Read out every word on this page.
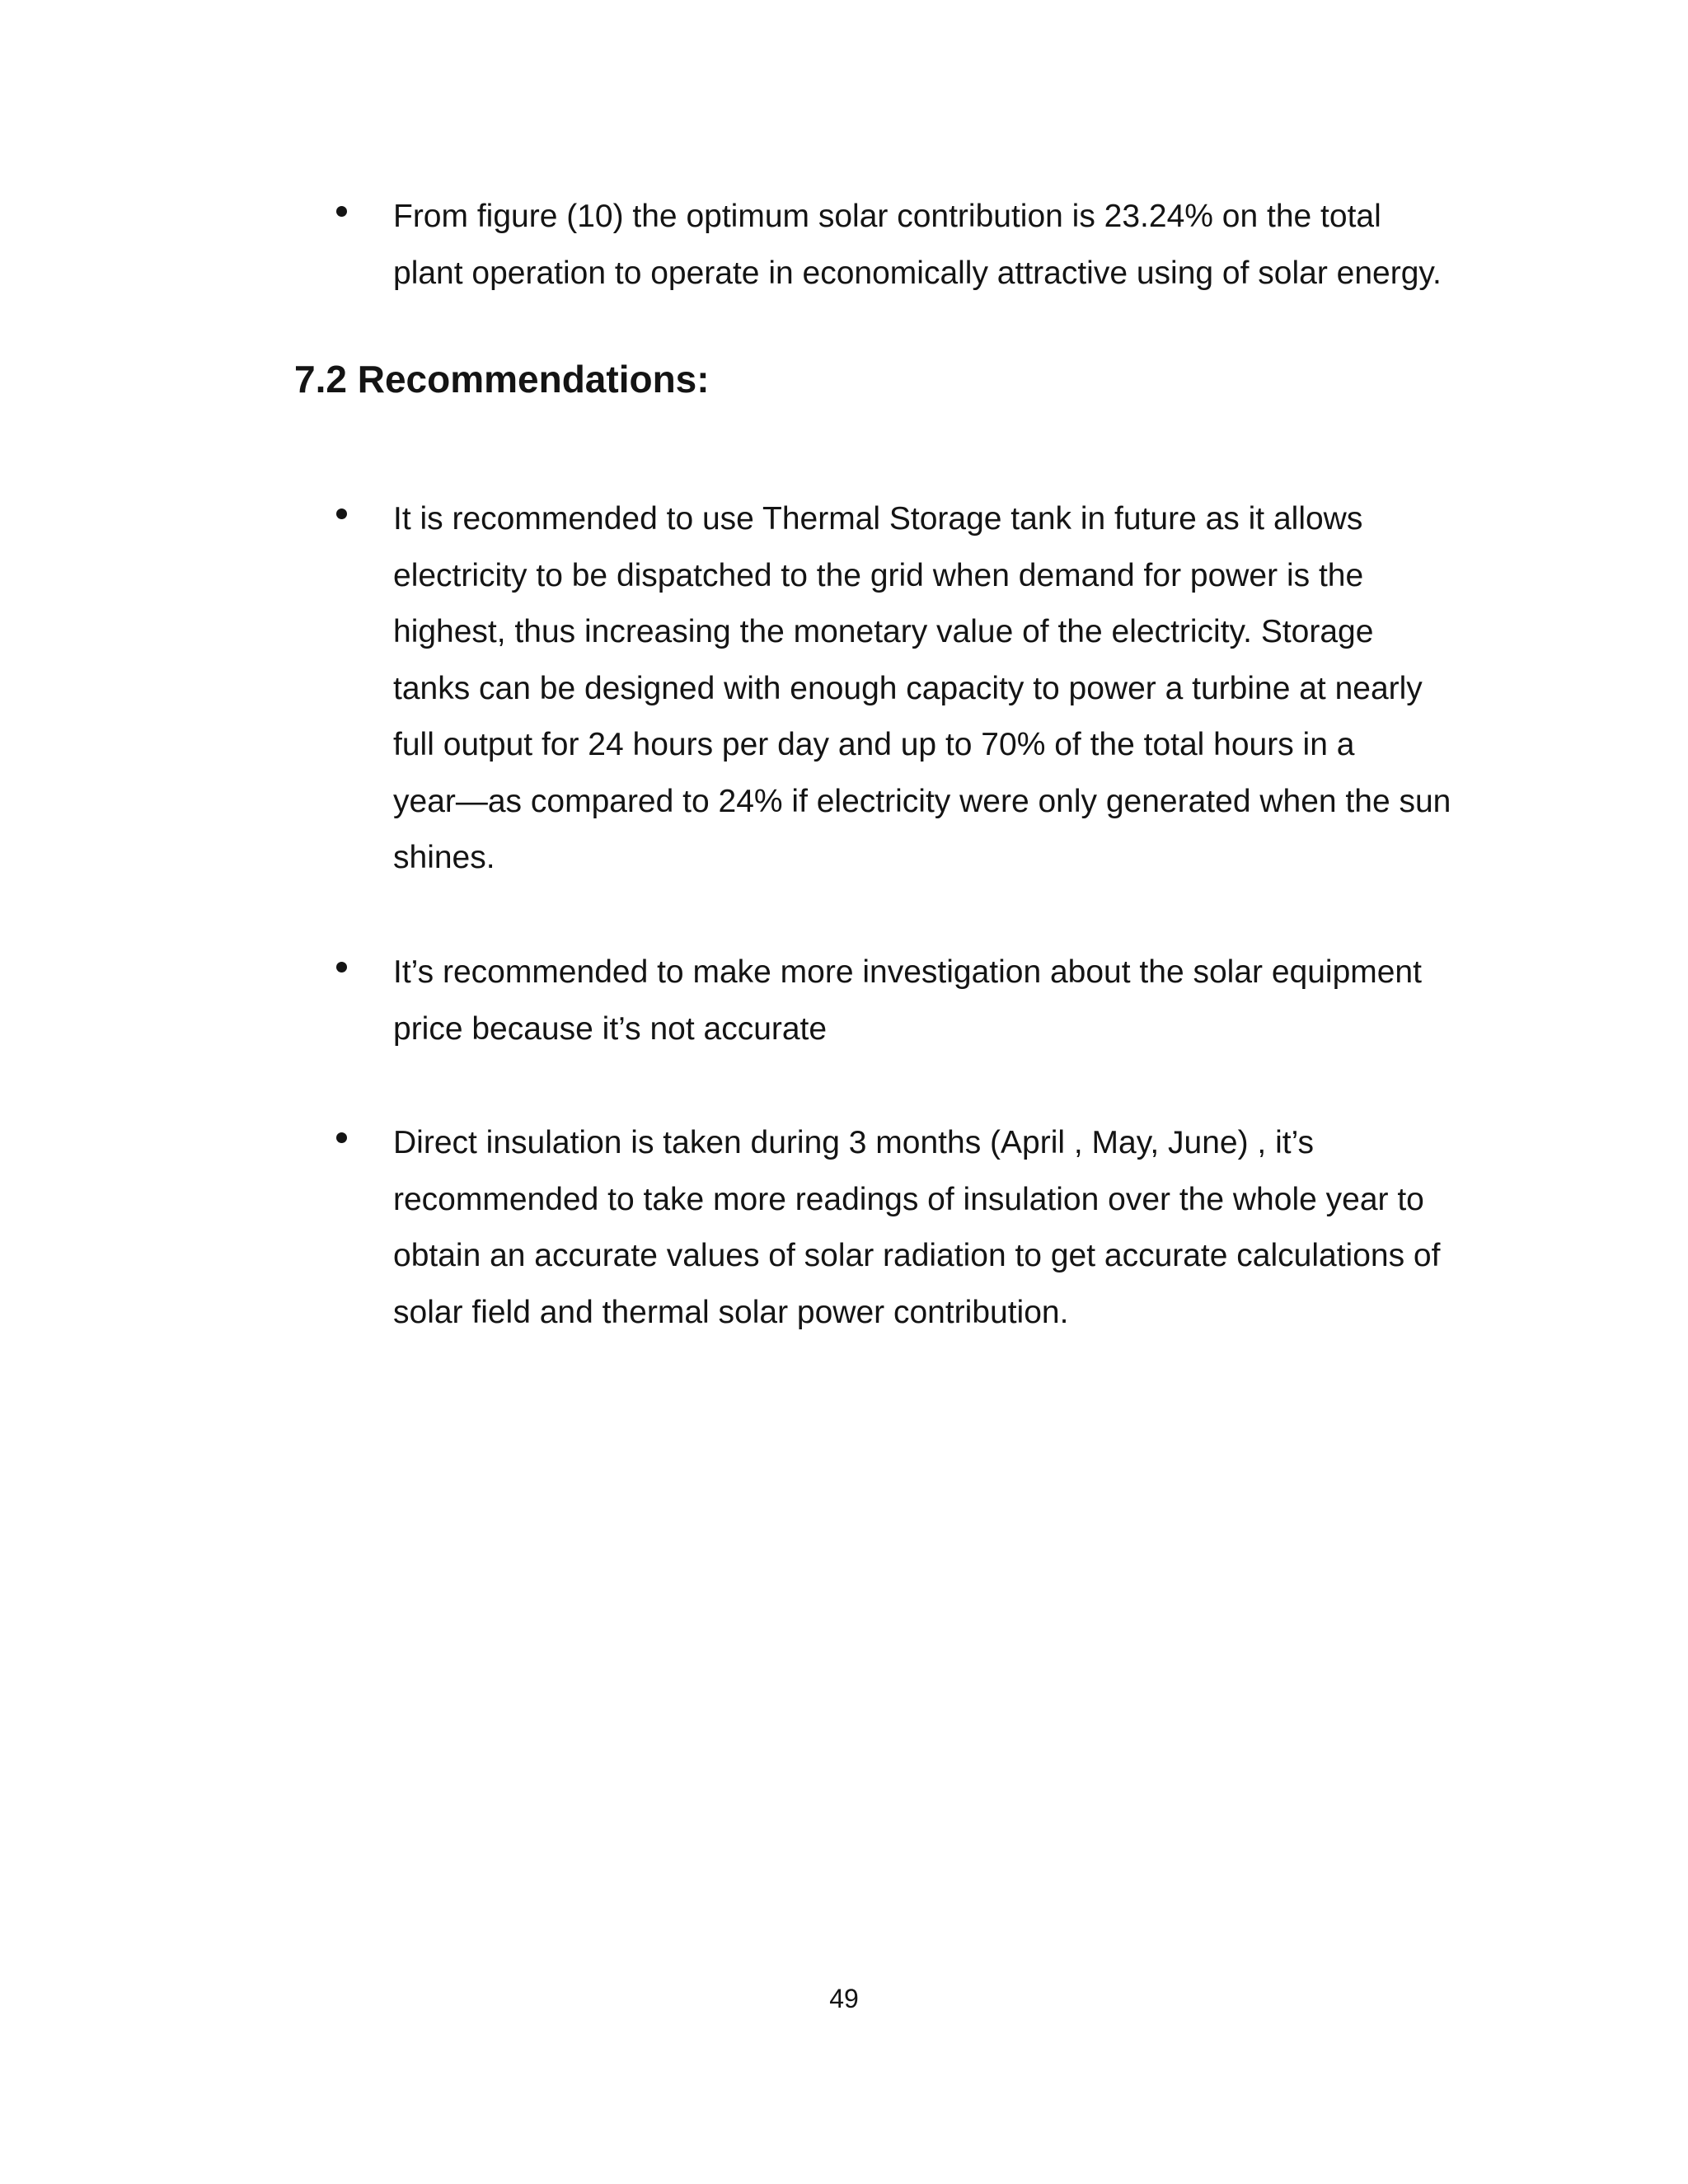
From figure (10) the optimum solar contribution is 23.24% on the total
plant operation to operate in economically attractive using of solar energy.

7.2 Recommendations:

It is recommended to use Thermal Storage tank in future as it allows
electricity to be dispatched to the grid when demand for power is the
highest, thus increasing the monetary value of the electricity. Storage
tanks can be designed with enough capacity to power a turbine at nearly
full output for 24 hours per day and up to 70% of the total hours in a
year—as compared to 24% if electricity were only generated when the sun
shines.

It’s recommended to make more investigation about the solar equipment
price because it’s not accurate

Direct insulation is taken during 3 months (April , May, June) , it’s
recommended to take more readings of insulation over the whole year to
obtain an accurate values of solar radiation to get accurate calculations of
solar field and thermal solar power contribution.

49
